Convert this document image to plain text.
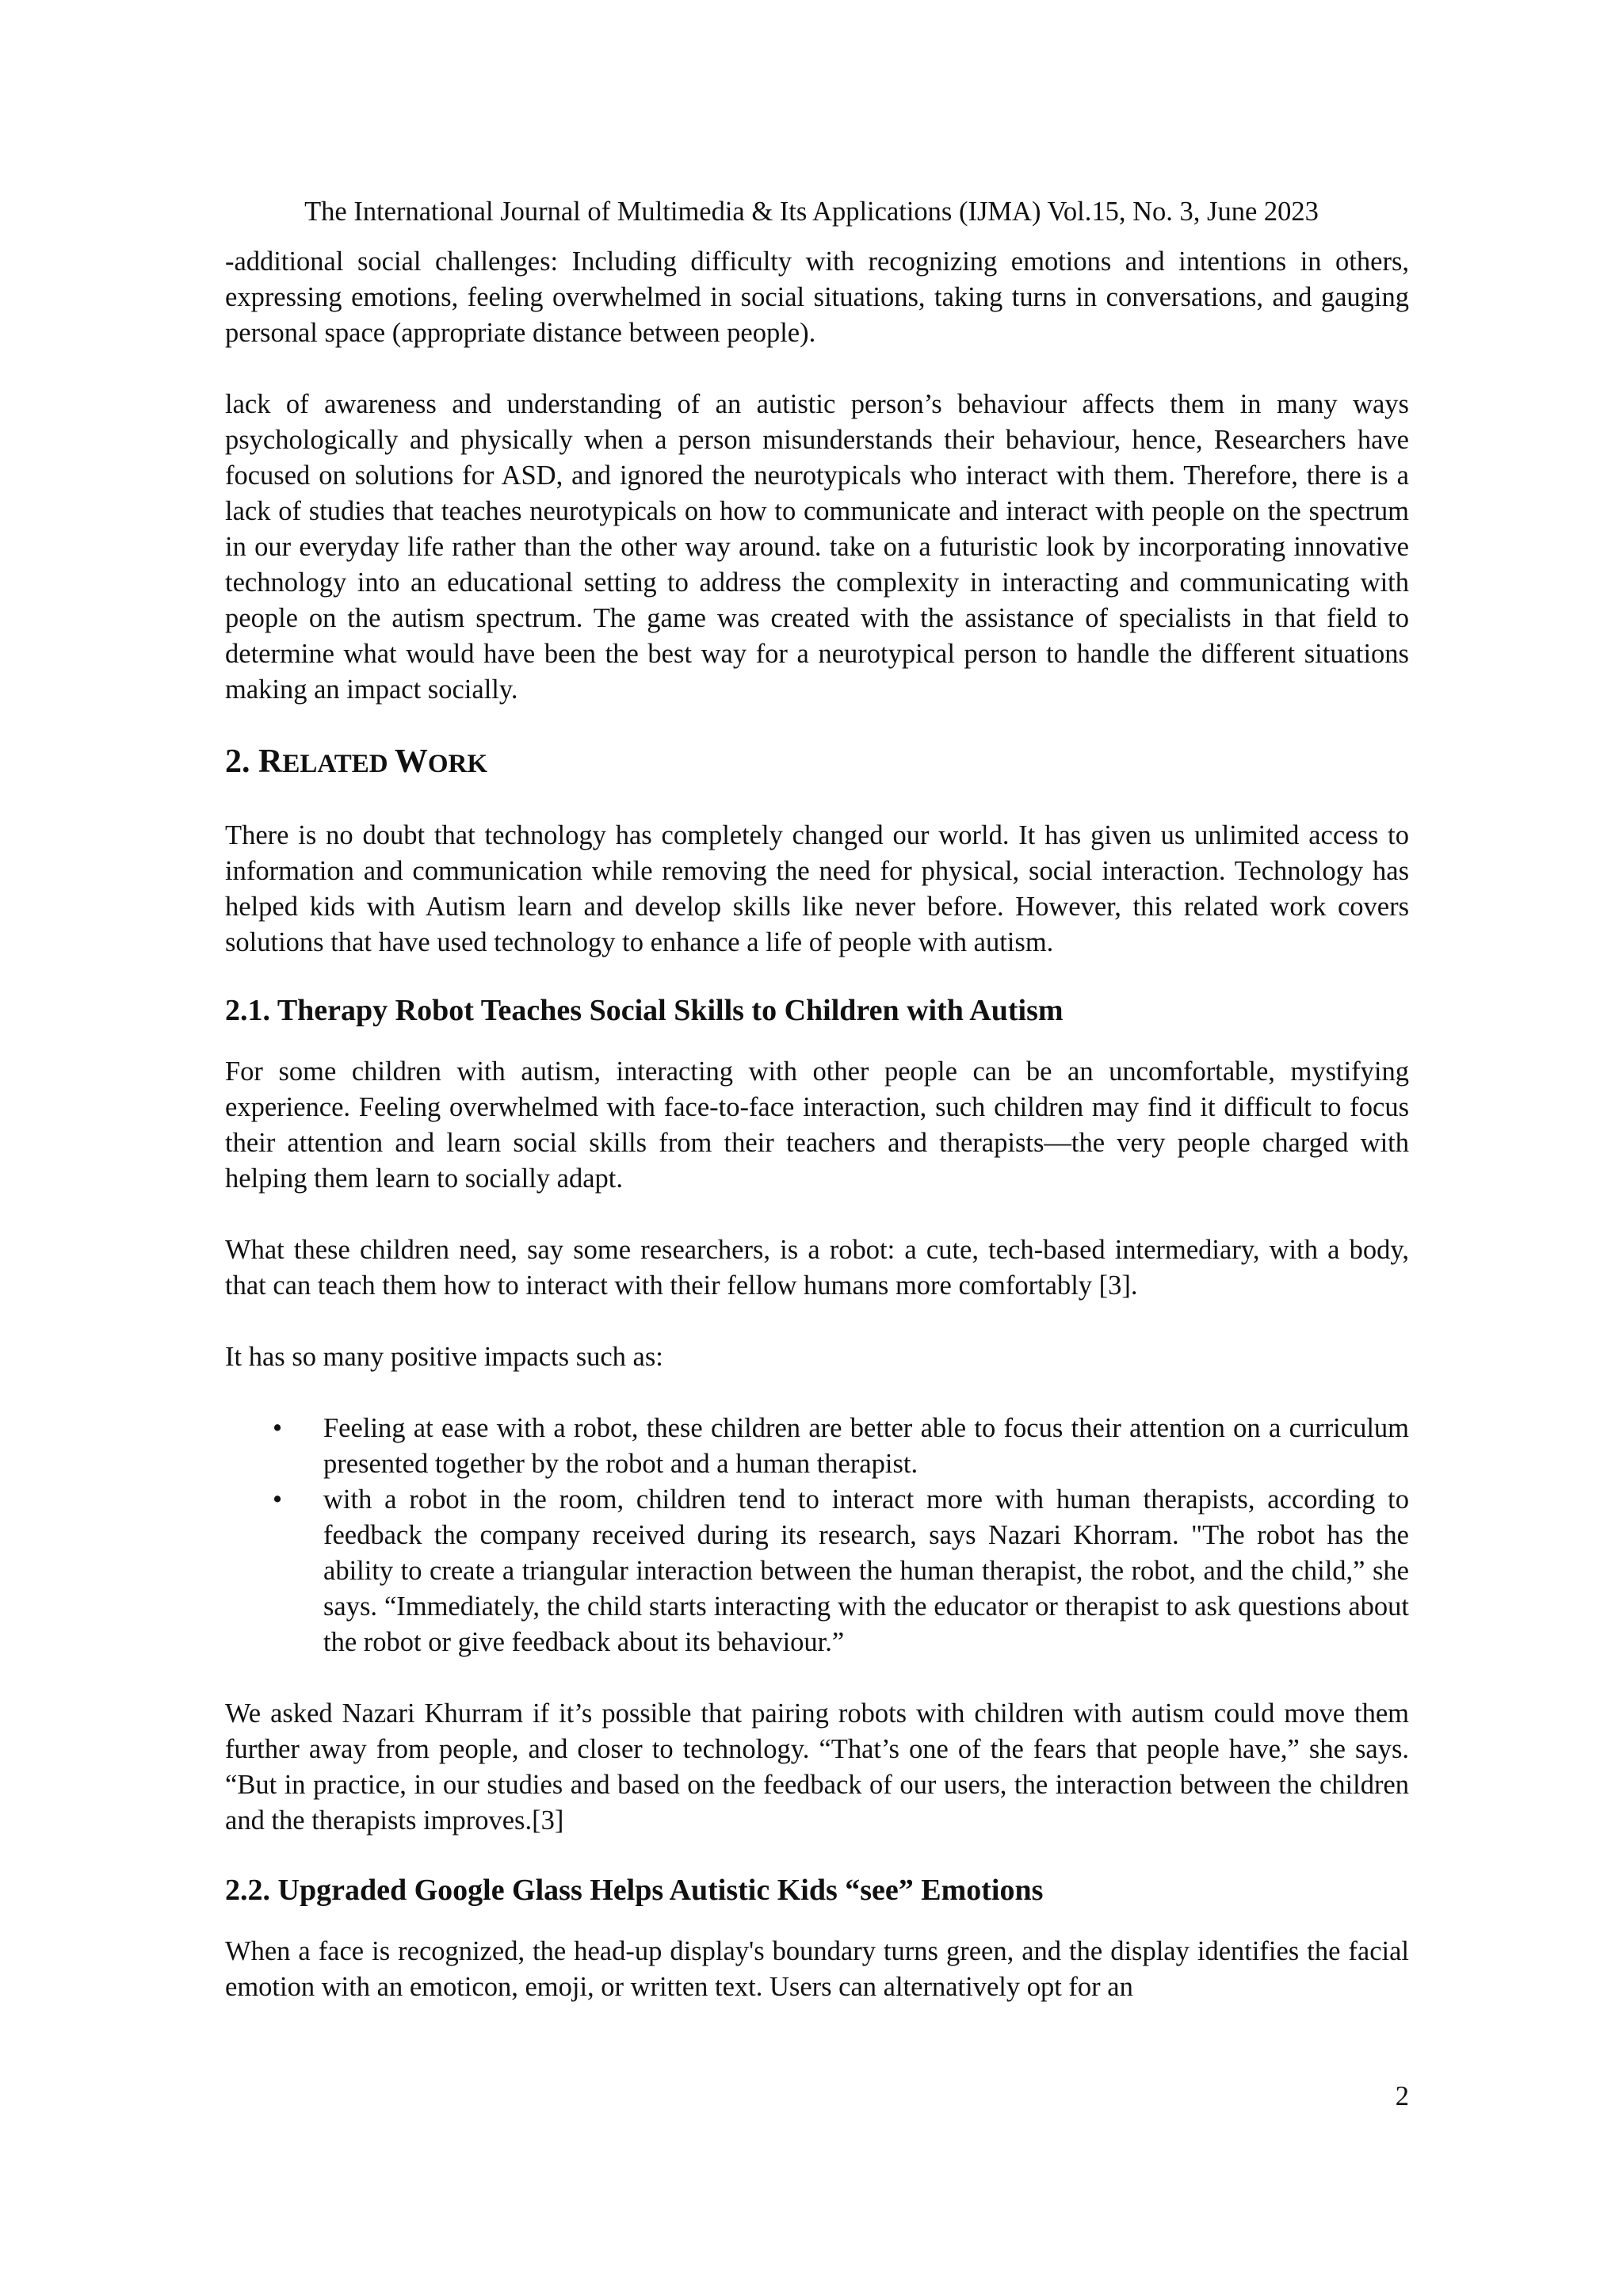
The International Journal of Multimedia & Its Applications (IJMA) Vol.15, No. 3, June 2023

-additional social challenges: Including difficulty with recognizing emotions and intentions in others, expressing emotions, feeling overwhelmed in social situations, taking turns in conversations, and gauging personal space (appropriate distance between people).

lack of awareness and understanding of an autistic person’s behaviour affects them in many ways psychologically and physically when a person misunderstands their behaviour, hence, Researchers have focused on solutions for ASD, and ignored the neurotypicals who interact with them. Therefore, there is a lack of studies that teaches neurotypicals on how to communicate and interact with people on the spectrum in our everyday life rather than the other way around. take on a futuristic look by incorporating innovative technology into an educational setting to address the complexity in interacting and communicating with people on the autism spectrum. The game was created with the assistance of specialists in that field to determine what would have been the best way for a neurotypical person to handle the different situations making an impact socially.

2. RELATED WORK

There is no doubt that technology has completely changed our world. It has given us unlimited access to information and communication while removing the need for physical, social interaction. Technology has helped kids with Autism learn and develop skills like never before. However, this related work covers solutions that have used technology to enhance a life of people with autism.

2.1. Therapy Robot Teaches Social Skills to Children with Autism

For some children with autism, interacting with other people can be an uncomfortable, mystifying experience. Feeling overwhelmed with face-to-face interaction, such children may find it difficult to focus their attention and learn social skills from their teachers and therapists—the very people charged with helping them learn to socially adapt.

What these children need, say some researchers, is a robot: a cute, tech-based intermediary, with a body, that can teach them how to interact with their fellow humans more comfortably [3].

It has so many positive impacts such as:

• Feeling at ease with a robot, these children are better able to focus their attention on a curriculum presented together by the robot and a human therapist.
• with a robot in the room, children tend to interact more with human therapists, according to feedback the company received during its research, says Nazari Khorram. "The robot has the ability to create a triangular interaction between the human therapist, the robot, and the child,” she says. “Immediately, the child starts interacting with the educator or therapist to ask questions about the robot or give feedback about its behaviour.”

We asked Nazari Khurram if it’s possible that pairing robots with children with autism could move them further away from people, and closer to technology. “That’s one of the fears that people have,” she says. “But in practice, in our studies and based on the feedback of our users, the interaction between the children and the therapists improves.[3]

2.2. Upgraded Google Glass Helps Autistic Kids “see” Emotions

When a face is recognized, the head-up display's boundary turns green, and the display identifies the facial emotion with an emoticon, emoji, or written text. Users can alternatively opt for an

2
